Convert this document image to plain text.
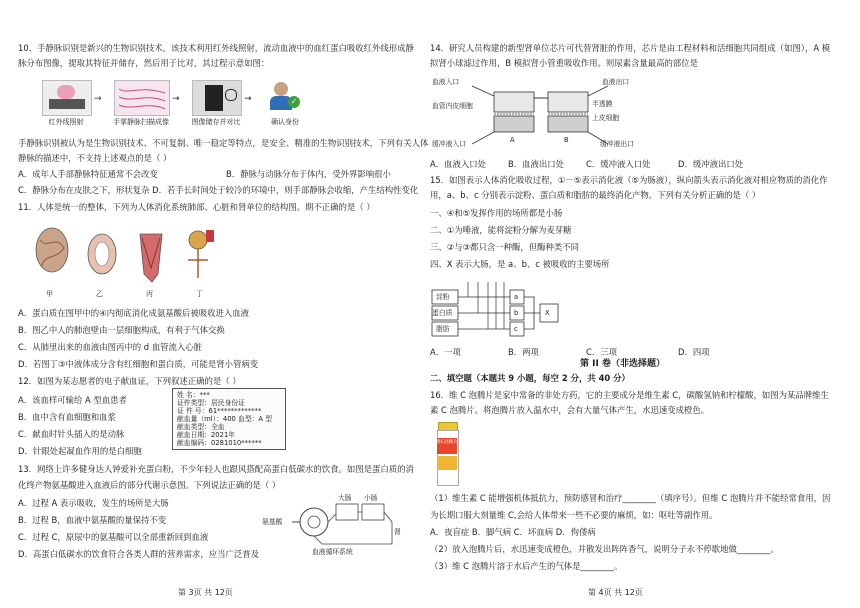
10、手静脉识别是新兴的生物识别技术，该技术利用红外线照射，流动血液中的血红蛋白吸收红外线形成静
脉分布图像，提取其特征并储存，然后用于比对，其过程示意如图：
→	→	→	✓
红外线照射	手掌静脉扫描成像	图像储存并对比	确认身份
手静脉识别被认为是生物识别技术、不可复制、唯一稳定等特点，是安全、精准的生物识别技术，下列有关人体
静脉的描述中，不支持上述观点的是（ ）
A．成年人手部静脉特征通常不会改变	B．静脉与动脉分布于体内，受外界影响很小
C．静脉分布在皮肤之下，形状复杂 D．若手长时间处于较冷的环境中，则手部静脉会收缩，产生结构性变化
11．人体是统一的整体，下列为人体消化系统肺部、心脏和肾单位的结构图。期不正确的是（ ）
甲	乙	丙	丁
A．蛋白质在图甲中的④内彻底消化成氨基酸后被吸收进入血液
B．图乙中人的肺泡壁由一层细胞构成，有利于气体交换
C．从肺里出来的血液由图丙中的 d 血管流入心脏
D．若图丁③中液体成分含有红细胞和蛋白质，可能是肾小管病变
12．如图为某志愿者的电子献血证，下列叙述正确的是（ ）
A．该血样可输给 A 型血患者
B．血中含有血细胞和血浆
C．献血时针头插入的是动脉
D．针眼处起凝血作用的是白细胞
姓 名：***
证件类型：居民身份证
证 件 号：61*************
献血量（ml）：400 血型：A 型
献血类型：全血
献血日期：2021年
献血编码：0281010******
13．网络上许多健身达人钟爱补充蛋白粉，不少年轻人也跟风搭配高蛋白低碳水的饮食。如图是蛋白质的消
化终产物氨基酸进入血液后的部分代谢示意图。下列说法正确的是（ ）
A．过程 A 表示吸收，发生的场所是大肠
B．过程 B，血液中氨基酸的量保持不变
C．过程 C，原尿中的氨基酸可以全部重新回到血液
D．高蛋白低碳水的饮食符合各类人群的营养需求，应当广泛普及
氨基酸
大肠 小肠
肾
血液循环系统
第 3页 共 12页
14．研究人员构建的新型肾单位芯片可代替肾脏的作用，芯片是由工程材料和活细胞共同组成（如图），A 模
拟肾小球滤过作用，B 模拟肾小管重吸收作用。则尿素含量最高的部位是
血液入口	血液出口
血管内皮细胞	半透膜
上皮细胞
缓冲液入口	缓冲液出口
A	B
A．血液入口处	B．血液出口处	C．缓冲液入口处	D．缓冲液出口处
15．如图表示人体消化吸收过程，①－⑤表示消化液（⑤为肠液），纵向箭头表示消化液对相应物质的消化作
用，a、b、c 分别表示淀粉、蛋白质和脂肪的最终消化产物。下列有关分析正确的是（ ）
一、④和⑤发挥作用的场所都是小肠
二、①为唾液，能将淀粉分解为麦芽糖
三、②与③都只含一种酶，但酶种类不同
四、X 表示大肠，是 a、b、c 被吸收的主要场所
淀粉
蛋白质
脂肪
a
b
c
X
A．一项	B．两项	C．三项	D．四项
第 II 卷（非选择题）
二、填空题（本题共 9 小题，每空 2 分，共 40 分）
16．维 C 泡腾片是家中常备的非处方药，它的主要成分是维生素 C，碳酸氢钠和柠檬酸，如图为某品牌维生
素 C 泡腾片。将泡腾片放入温水中，会有大量气体产生，水迅速变成橙色。
维C泡腾片
（1）维生素 C 能增强机体抵抗力，预防感冒和治疗________（填序号）。但维 C 泡腾片并不能经常食用，因
为长期口服大剂量维 C,会给人体带来一些不必要的麻烦，如：呕吐等副作用。
A．夜盲症 B．脚气病 C．坏血病 D．佝偻病
（2）放入泡腾片后，水迅速变成橙色，并散发出阵阵香气，说明分子永不停歇地做________。
（3）维 C 泡腾片溶于水后产生的气体是________。
第 4页 共 12页
